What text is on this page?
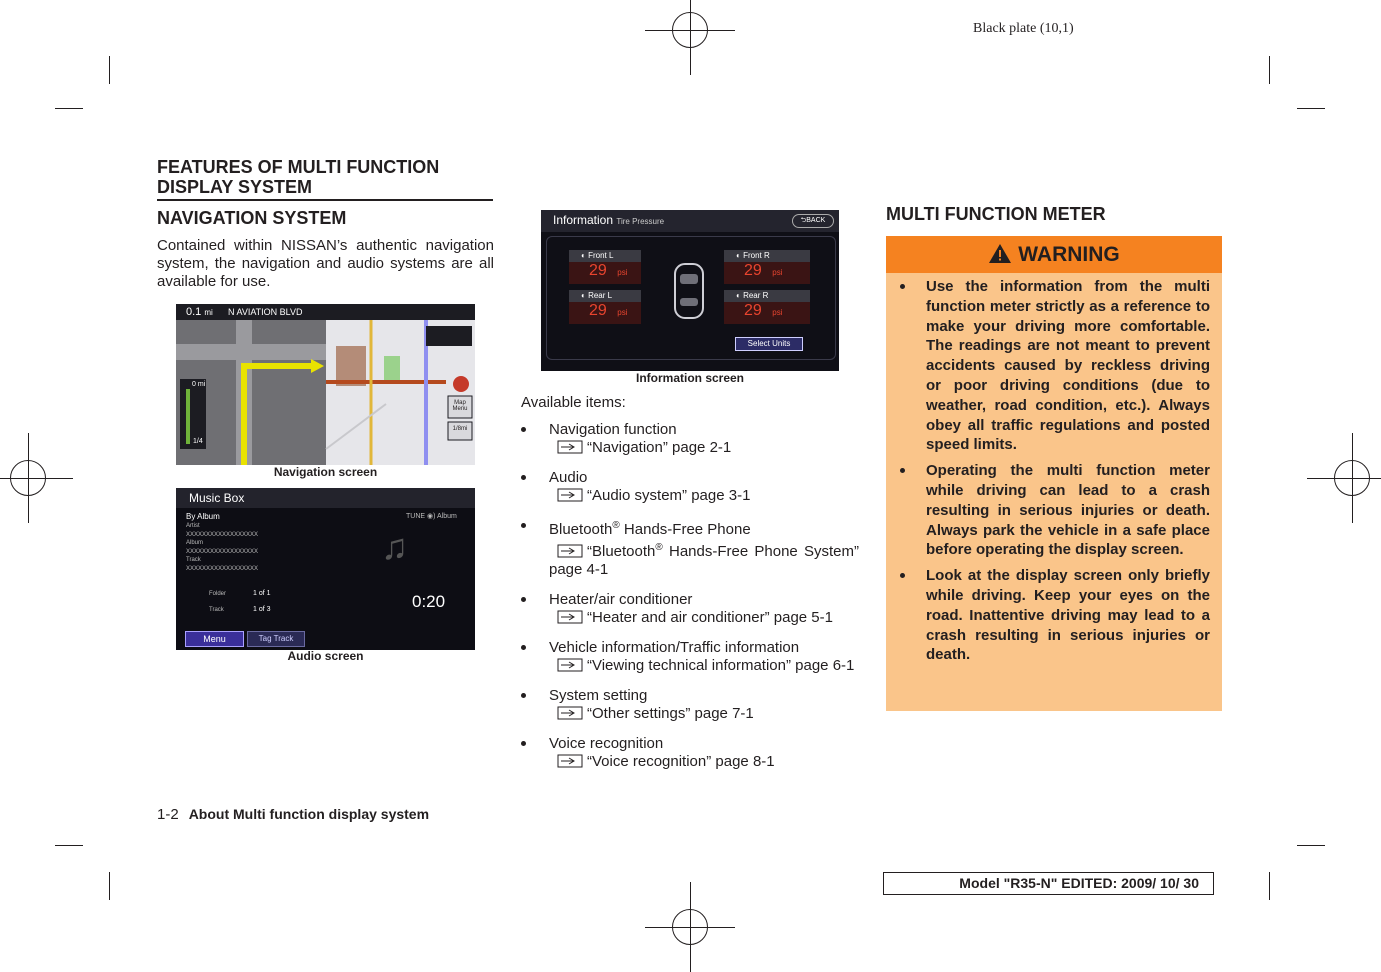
Black plate (10,1)
FEATURES OF MULTI FUNCTION DISPLAY SYSTEM
NAVIGATION SYSTEM
Contained within NISSAN’s authentic navigation system, the navigation and audio systems are all available for use.
0.1 mi N AVIATION BLVD
0 mi
1/4
Map Menu
1/8mi
Navigation screen
Music Box
By Album	TUNE ◉) Album
Artist
XXXXXXXXXXXXXXXXXX
Album
XXXXXXXXXXXXXXXXXX
Track
XXXXXXXXXXXXXXXXXX
♫
Folder	1 of 1
Track	1 of 3	0:20
Menu	Tag Track
Audio screen
Information Tire Pressure	⮌BACK
◐ Front L
29 psi
◐ Front R
29 psi
◐ Rear L
29 psi
◐ Rear R
29 psi
Select Units
Information screen
Available items:
Navigation function
“Navigation” page 2-1
Audio
“Audio system” page 3-1
Bluetooth® Hands-Free Phone
“Bluetooth® Hands-Free Phone System” page 4-1
Heater/air conditioner
“Heater and air conditioner” page 5-1
Vehicle information/Traffic information
“Viewing technical information” page 6-1
System setting
“Other settings” page 7-1
Voice recognition
“Voice recognition” page 8-1
MULTI FUNCTION METER
WARNING
Use the information from the multi function meter strictly as a reference to make your driving more comfortable. The readings are not meant to prevent accidents caused by reckless driving or poor driving conditions (due to weather, road condition, etc.). Always obey all traffic regulations and posted speed limits.
Operating the multi function meter while driving can lead to a crash resulting in serious injuries or death. Always park the vehicle in a safe place before operating the display screen.
Look at the display screen only briefly while driving. Keep your eyes on the road. Inattentive driving may lead to a crash resulting in serious injuries or death.
1-2 About Multi function display system
Model "R35-N" EDITED: 2009/ 10/ 30
